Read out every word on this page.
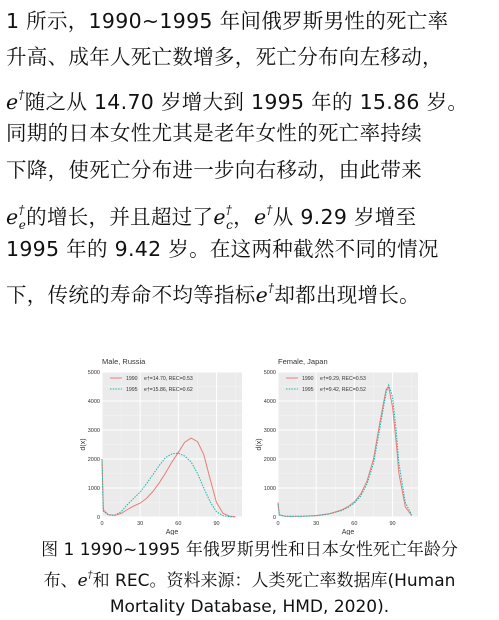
1 所示，1990~1995 年间俄罗斯男性的死亡率
升高、成年人死亡数增多，死亡分布向左移动，
e†随之从 14.70 岁增大到 1995 年的 15.86 岁。
同期的日本女性尤其是老年女性的死亡率持续
下降，使死亡分布进一步向右移动，由此带来
$e^\dagger_e$的增长，并且超过了$e^\dagger_c$，e†从 9.29 岁增至
1995 年的 9.42 岁。在这两种截然不同的情况
下，传统的寿命不均等指标e†却都出现增长。
Male, Russia
0	30	60	90
0
1000
2000
3000
4000
5000
Age
d(x)
1990 e†=14.70, REC=0.53
1995 e†=15.86, REC=0.62
Female, Japan
0	30	60	90
0
1000
2000
3000
4000
5000
Age
d(x)
1990 e†=9.29, REC=0.53
1995 e†=9.42, REC=0.52
图 1 1990~1995 年俄罗斯男性和日本女性死亡年龄分
布、e†和 REC。资料来源：人类死亡率数据库(Human
Mortality Database, HMD, 2020).
